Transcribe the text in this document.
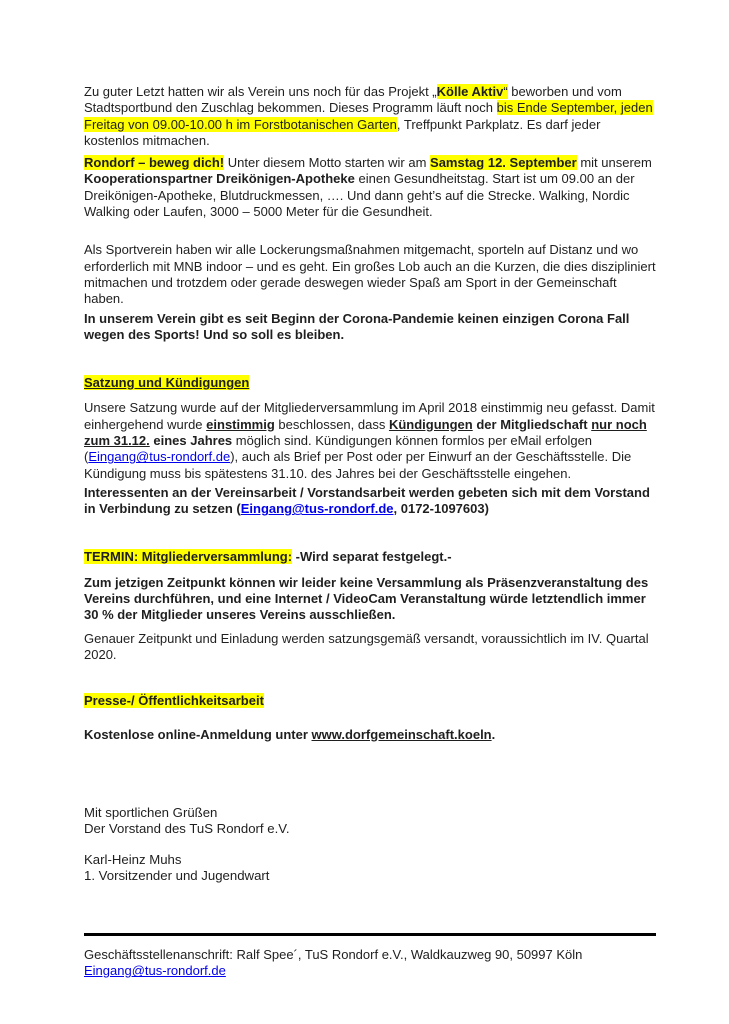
Zu guter Letzt hatten wir als Verein uns noch für das Projekt „Kölle Aktiv“ beworben und vom Stadtsportbund den Zuschlag bekommen. Dieses Programm läuft noch bis Ende September, jeden Freitag von 09.00-10.00 h im Forstbotanischen Garten, Treffpunkt Parkplatz. Es darf jeder kostenlos mitmachen.

Rondorf – beweg dich! Unter diesem Motto starten wir am Samstag 12. September mit unserem Kooperationspartner Dreikönigen-Apotheke einen Gesundheitstag. Start ist um 09.00 an der Dreikönigen-Apotheke, Blutdruckmessen, …. Und dann geht’s auf die Strecke. Walking, Nordic Walking oder Laufen, 3000 – 5000 Meter für die Gesundheit.

Als Sportverein haben wir alle Lockerungsmaßnahmen mitgemacht, sporteln auf Distanz und wo erforderlich mit MNB indoor – und es geht. Ein großes Lob auch an die Kurzen, die dies diszipliniert mitmachen und trotzdem oder gerade deswegen wieder Spaß am Sport in der Gemeinschaft haben.

In unserem Verein gibt es seit Beginn der Corona-Pandemie keinen einzigen Corona Fall wegen des Sports! Und so soll es bleiben.

Satzung und Kündigungen

Unsere Satzung wurde auf der Mitgliederversammlung im April 2018 einstimmig neu gefasst. Damit einhergehend wurde einstimmig beschlossen, dass Kündigungen der Mitgliedschaft nur noch zum 31.12. eines Jahres möglich sind. Kündigungen können formlos per eMail erfolgen (Eingang@tus-rondorf.de), auch als Brief per Post oder per Einwurf an der Geschäftsstelle. Die Kündigung muss bis spätestens 31.10. des Jahres bei der Geschäftsstelle eingehen.

Interessenten an der Vereinsarbeit / Vorstandsarbeit werden gebeten sich mit dem Vorstand in Verbindung zu setzen (Eingang@tus-rondorf.de, 0172-1097603)

TERMIN: Mitgliederversammlung: -Wird separat festgelegt.-

Zum jetzigen Zeitpunkt können wir leider keine Versammlung als Präsenzveranstaltung des Vereins durchführen, und eine Internet / VideoCam Veranstaltung würde letztendlich immer 30 % der Mitglieder unseres Vereins ausschließen.

Genauer Zeitpunkt und Einladung werden satzungsgemäß versandt, voraussichtlich im IV. Quartal 2020.

Presse-/ Öffentlichkeitsarbeit

Kostenlose online-Anmeldung unter www.dorfgemeinschaft.koeln.

Mit sportlichen Grüßen
Der Vorstand des TuS Rondorf e.V.

Karl-Heinz Muhs
1. Vorsitzender und Jugendwart

Geschäftsstellenanschrift: Ralf Spee´, TuS Rondorf e.V., Waldkauzweg 90, 50997 Köln
Eingang@tus-rondorf.de
